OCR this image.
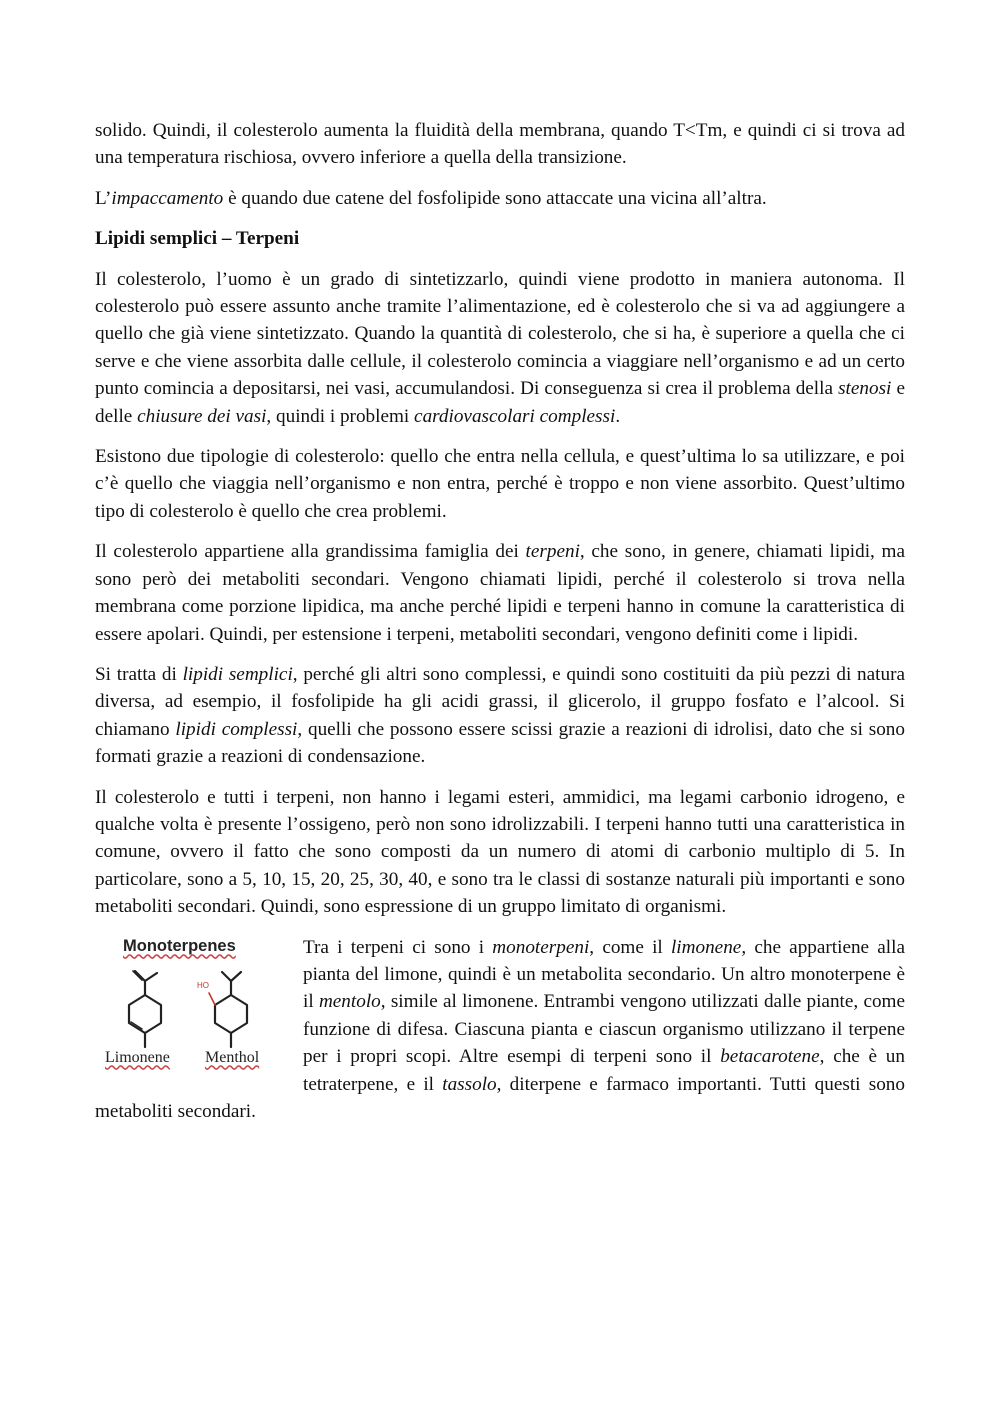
solido. Quindi, il colesterolo aumenta la fluidità della membrana, quando T<Tm, e quindi ci si trova ad una temperatura rischiosa, ovvero inferiore a quella della transizione.

L’impaccamento è quando due catene del fosfolipide sono attaccate una vicina all’altra.

Lipidi semplici – Terpeni

Il colesterolo, l’uomo è un grado di sintetizzarlo, quindi viene prodotto in maniera autonoma. Il colesterolo può essere assunto anche tramite l’alimentazione, ed è colesterolo che si va ad aggiungere a quello che già viene sintetizzato. Quando la quantità di colesterolo, che si ha, è superiore a quella che ci serve e che viene assorbita dalle cellule, il colesterolo comincia a viaggiare nell’organismo e ad un certo punto comincia a depositarsi, nei vasi, accumulandosi. Di conseguenza si crea il problema della stenosi e delle chiusure dei vasi, quindi i problemi cardiovascolari complessi.

Esistono due tipologie di colesterolo: quello che entra nella cellula, e quest’ultima lo sa utilizzare, e poi c’è quello che viaggia nell’organismo e non entra, perché è troppo e non viene assorbito. Quest’ultimo tipo di colesterolo è quello che crea problemi.

Il colesterolo appartiene alla grandissima famiglia dei terpeni, che sono, in genere, chiamati lipidi, ma sono però dei metaboliti secondari. Vengono chiamati lipidi, perché il colesterolo si trova nella membrana come porzione lipidica, ma anche perché lipidi e terpeni hanno in comune la caratteristica di essere apolari. Quindi, per estensione i terpeni, metaboliti secondari, vengono definiti come i lipidi.

Si tratta di lipidi semplici, perché gli altri sono complessi, e quindi sono costituiti da più pezzi di natura diversa, ad esempio, il fosfolipide ha gli acidi grassi, il glicerolo, il gruppo fosfato e l’alcool. Si chiamano lipidi complessi, quelli che possono essere scissi grazie a reazioni di idrolisi, dato che si sono formati grazie a reazioni di condensazione.

Il colesterolo e tutti i terpeni, non hanno i legami esteri, ammidici, ma legami carbonio idrogeno, e qualche volta è presente l’ossigeno, però non sono idrolizzabili. I terpeni hanno tutti una caratteristica in comune, ovvero il fatto che sono composti da un numero di atomi di carbonio multiplo di 5. In particolare, sono a 5, 10, 15, 20, 25, 30, 40, e sono tra le classi di sostanze naturali più importanti e sono metaboliti secondari. Quindi, sono espressione di un gruppo limitato di organismi.

Monoterpenes
HO
Limonene Menthol

Tra i terpeni ci sono i monoterpeni, come il limonene, che appartiene alla pianta del limone, quindi è un metabolita secondario. Un altro monoterpene è il mentolo, simile al limonene. Entrambi vengono utilizzati dalle piante, come funzione di difesa. Ciascuna pianta e ciascun organismo utilizzano il terpene per i propri scopi. Altre esempi di terpeni sono il betacarotene, che è un tetraterpene, e il tassolo, diterpene e farmaco importanti. Tutti questi sono metaboliti secondari.
